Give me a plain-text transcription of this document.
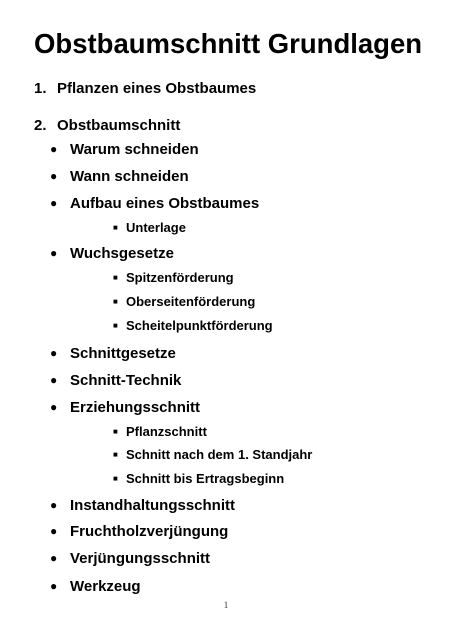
Obstbaumschnitt Grundlagen
1. Pflanzen eines Obstbaumes
2. Obstbaumschnitt
● Warum schneiden
● Wann schneiden
● Aufbau eines Obstbaumes
■ Unterlage
● Wuchsgesetze
■ Spitzenförderung
■ Oberseitenförderung
■ Scheitelpunktförderung
● Schnittgesetze
● Schnitt-Technik
● Erziehungsschnitt
■ Pflanzschnitt
■ Schnitt nach dem 1. Standjahr
■ Schnitt bis Ertragsbeginn
● Instandhaltungsschnitt
● Fruchtholzverjüngung
● Verjüngungsschnitt
● Werkzeug
1
